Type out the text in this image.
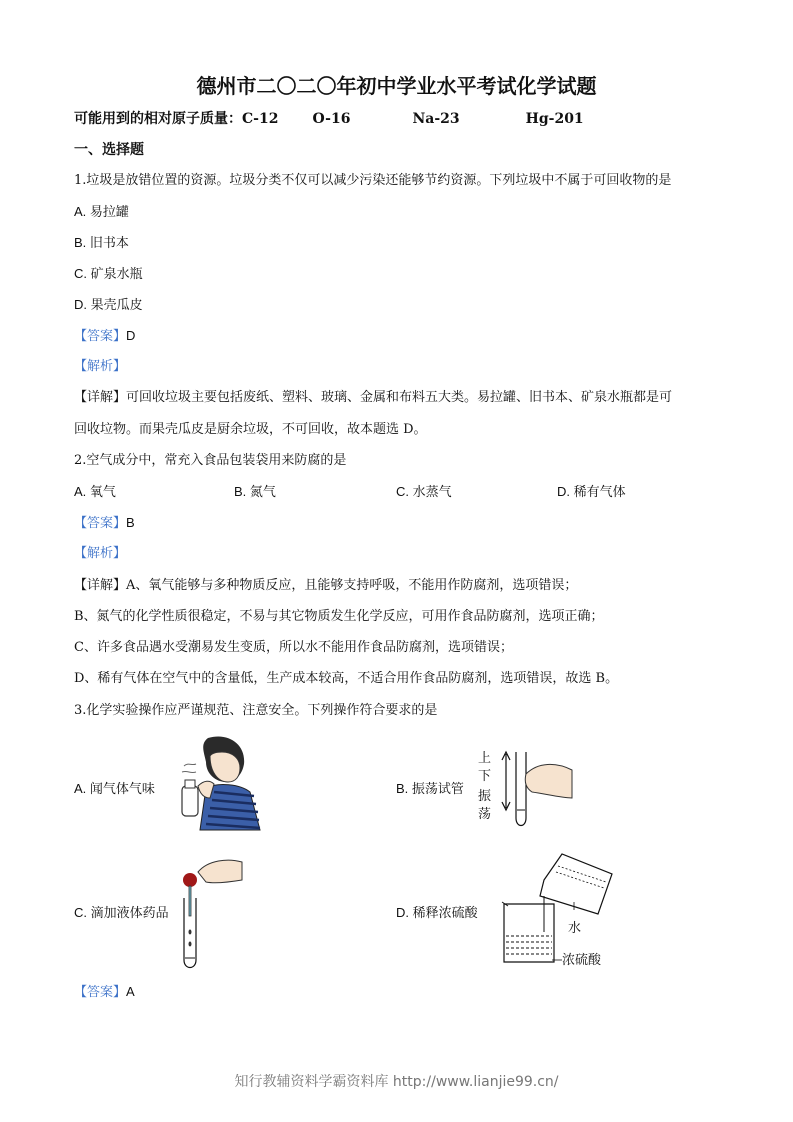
德州市二〇二〇年初中学业水平考试化学试题
可能用到的相对原子质量：C-12 O-16	Na-23	Hg-201
一、选择题
1.垃圾是放错位置的资源。垃圾分类不仅可以减少污染还能够节约资源。下列垃圾中不属于可回收物的是
A. 易拉罐
B. 旧书本
C. 矿泉水瓶
D. 果壳瓜皮
【答案】D
【解析】
【详解】可回收垃圾主要包括废纸、塑料、玻璃、金属和布料五大类。易拉罐、旧书本、矿泉水瓶都是可
回收垃物。而果壳瓜皮是厨余垃圾，不可回收，故本题选 D。
2.空气成分中，常充入食品包装袋用来防腐的是
A. 氧气	B. 氮气	C. 水蒸气	D. 稀有气体
【答案】B
【解析】
【详解】A、氧气能够与多种物质反应，且能够支持呼吸，不能用作防腐剂，选项错误；
B、氮气的化学性质很稳定，不易与其它物质发生化学反应，可用作食品防腐剂，选项正确；
C、许多食品遇水受潮易发生变质，所以水不能用作食品防腐剂，选项错误；
D、稀有气体在空气中的含量低，生产成本较高，不适合用作食品防腐剂，选项错误，故选 B。
3.化学实验操作应严谨规范、注意安全。下列操作符合要求的是
A. 闻气体气味	B. 振荡试管
C. 滴加液体药品	D. 稀释浓硫酸
上
下
振
荡
水
浓硫酸
【答案】A
知行教辅资料学霸资料库 http://www.lianjie99.cn/
